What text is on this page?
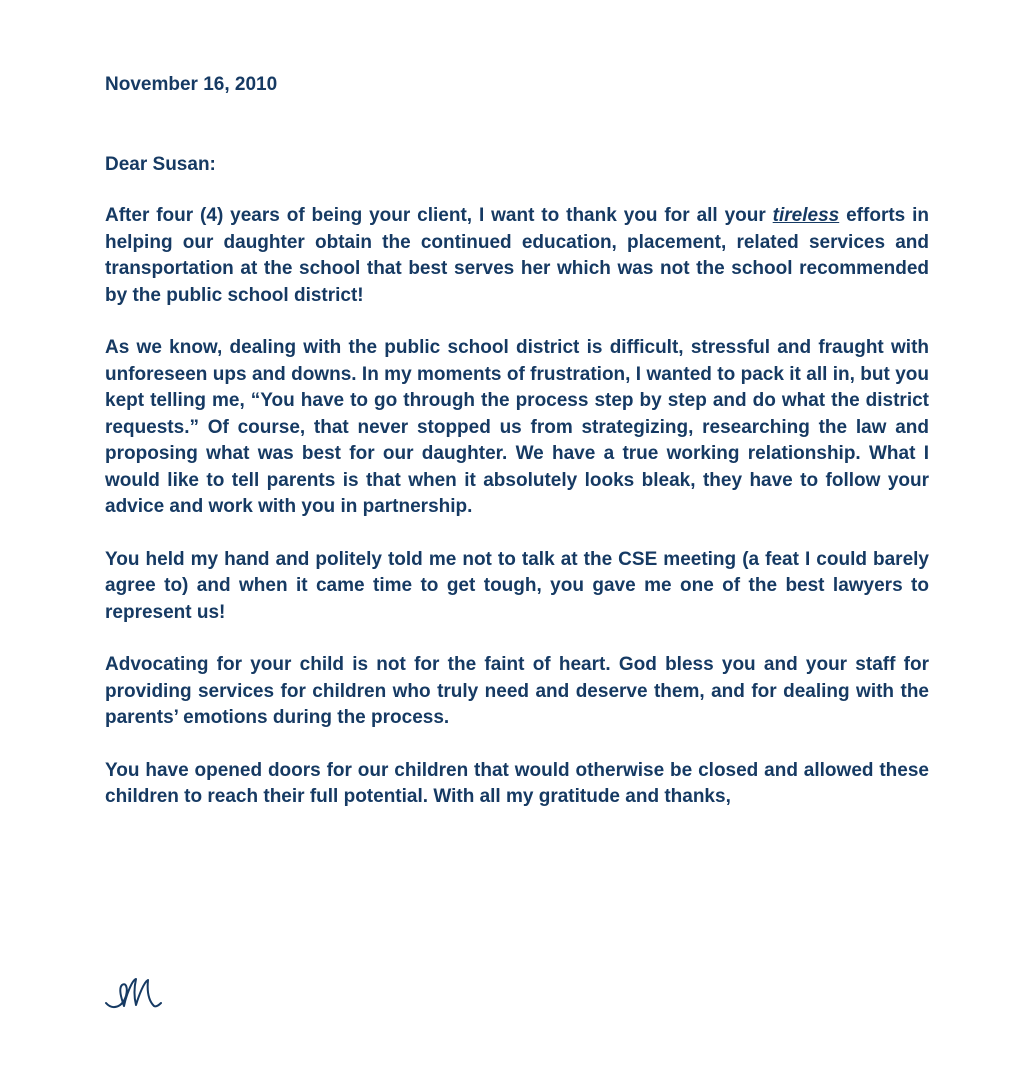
November 16, 2010

Dear Susan:

After four (4) years of being your client, I want to thank you for all your tireless efforts in helping our daughter obtain the continued education, placement, related services and transportation at the school that best serves her which was not the school recommended by the public school district!

As we know, dealing with the public school district is difficult, stressful and fraught with unforeseen ups and downs. In my moments of frustration, I wanted to pack it all in, but you kept telling me, “You have to go through the process step by step and do what the district requests.” Of course, that never stopped us from strategizing, researching the law and proposing what was best for our daughter. We have a true working relationship. What I would like to tell parents is that when it absolutely looks bleak, they have to follow your advice and work with you in partnership.

You held my hand and politely told me not to talk at the CSE meeting (a feat I could barely agree to) and when it came time to get tough, you gave me one of the best lawyers to represent us!

Advocating for your child is not for the faint of heart. God bless you and your staff for providing services for children who truly need and deserve them, and for dealing with the parents’ emotions during the process.

You have opened doors for our children that would otherwise be closed and allowed these children to reach their full potential. With all my gratitude and thanks,
